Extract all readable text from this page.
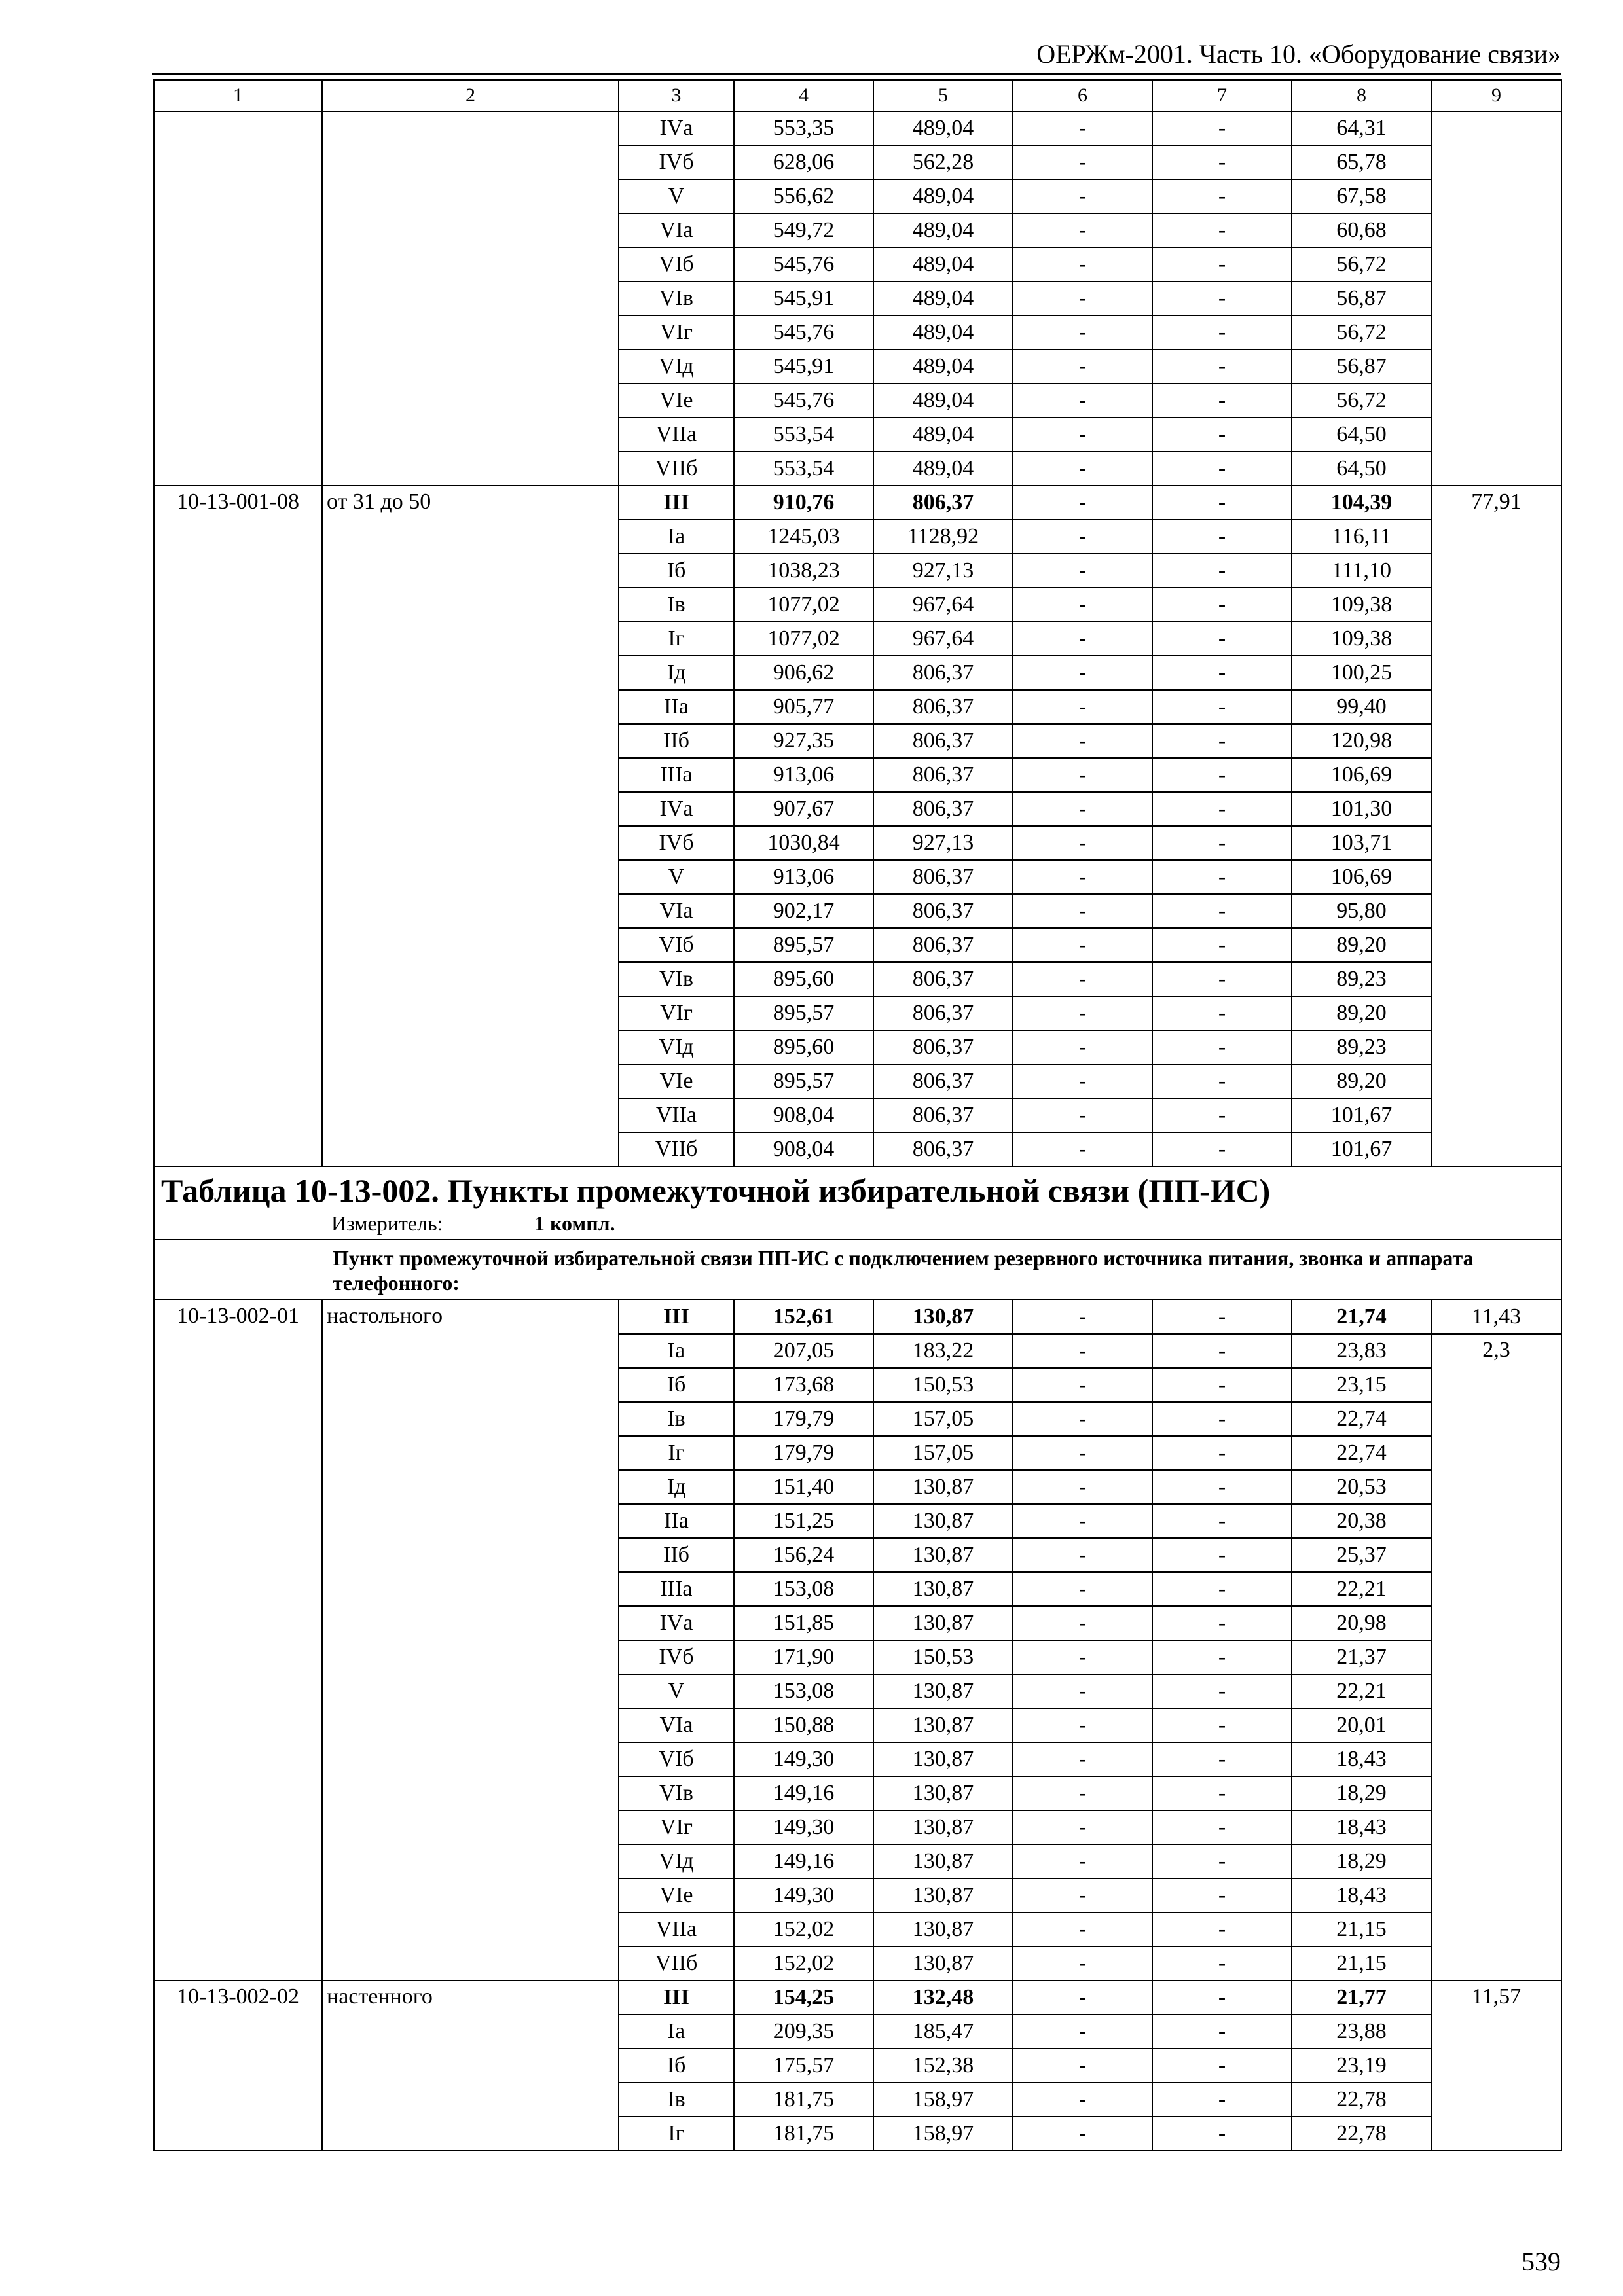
ОЕРЖм-2001. Часть 10. «Оборудование связи»
1	2	3	4	5	6	7	8	9
		IVа	553,35	489,04	-	-	64,31	
		IVб	628,06	562,28	-	-	65,78	
		V	556,62	489,04	-	-	67,58	
		VIа	549,72	489,04	-	-	60,68	
		VIб	545,76	489,04	-	-	56,72	
		VIв	545,91	489,04	-	-	56,87	
		VIг	545,76	489,04	-	-	56,72	
		VIд	545,91	489,04	-	-	56,87	
		VIе	545,76	489,04	-	-	56,72	
		VIIа	553,54	489,04	-	-	64,50	
		VIIб	553,54	489,04	-	-	64,50	
10-13-001-08	от 31 до 50	III	910,76	806,37	-	-	104,39	77,91
		Iа	1245,03	1128,92	-	-	116,11	
		Iб	1038,23	927,13	-	-	111,10	
		Iв	1077,02	967,64	-	-	109,38	
		Iг	1077,02	967,64	-	-	109,38	
		Iд	906,62	806,37	-	-	100,25	
		IIа	905,77	806,37	-	-	99,40	
		IIб	927,35	806,37	-	-	120,98	
		IIIа	913,06	806,37	-	-	106,69	
		IVа	907,67	806,37	-	-	101,30	
		IVб	1030,84	927,13	-	-	103,71	
		V	913,06	806,37	-	-	106,69	
		VIа	902,17	806,37	-	-	95,80	
		VIб	895,57	806,37	-	-	89,20	
		VIв	895,60	806,37	-	-	89,23	
		VIг	895,57	806,37	-	-	89,20	
		VIд	895,60	806,37	-	-	89,23	
		VIе	895,57	806,37	-	-	89,20	
		VIIа	908,04	806,37	-	-	101,67	
		VIIб	908,04	806,37	-	-	101,67	

Таблица 10-13-002. Пункты промежуточной избирательной связи (ПП-ИС)
Измеритель: 1 компл.								

Пункт промежуточной избирательной связи ПП-ИС с подключением резервного источника питания, звонка и аппарата телефонного:								
10-13-002-01	настольного	III	152,61	130,87	-	-	21,74	11,43
		Iа	207,05	183,22	-	-	23,83	2,3
		Iб	173,68	150,53	-	-	23,15	
		Iв	179,79	157,05	-	-	22,74	
		Iг	179,79	157,05	-	-	22,74	
		Iд	151,40	130,87	-	-	20,53	
		IIа	151,25	130,87	-	-	20,38	
		IIб	156,24	130,87	-	-	25,37	
		IIIа	153,08	130,87	-	-	22,21	
		IVа	151,85	130,87	-	-	20,98	
		IVб	171,90	150,53	-	-	21,37	
		V	153,08	130,87	-	-	22,21	
		VIа	150,88	130,87	-	-	20,01	
		VIб	149,30	130,87	-	-	18,43	
		VIв	149,16	130,87	-	-	18,29	
		VIг	149,30	130,87	-	-	18,43	
		VIд	149,16	130,87	-	-	18,29	
		VIе	149,30	130,87	-	-	18,43	
		VIIа	152,02	130,87	-	-	21,15	
		VIIб	152,02	130,87	-	-	21,15	
10-13-002-02	настенного	III	154,25	132,48	-	-	21,77	11,57
		Iа	209,35	185,47	-	-	23,88	
		Iб	175,57	152,38	-	-	23,19	
		Iв	181,75	158,97	-	-	22,78	
		Iг	181,75	158,97	-	-	22,78	
539
